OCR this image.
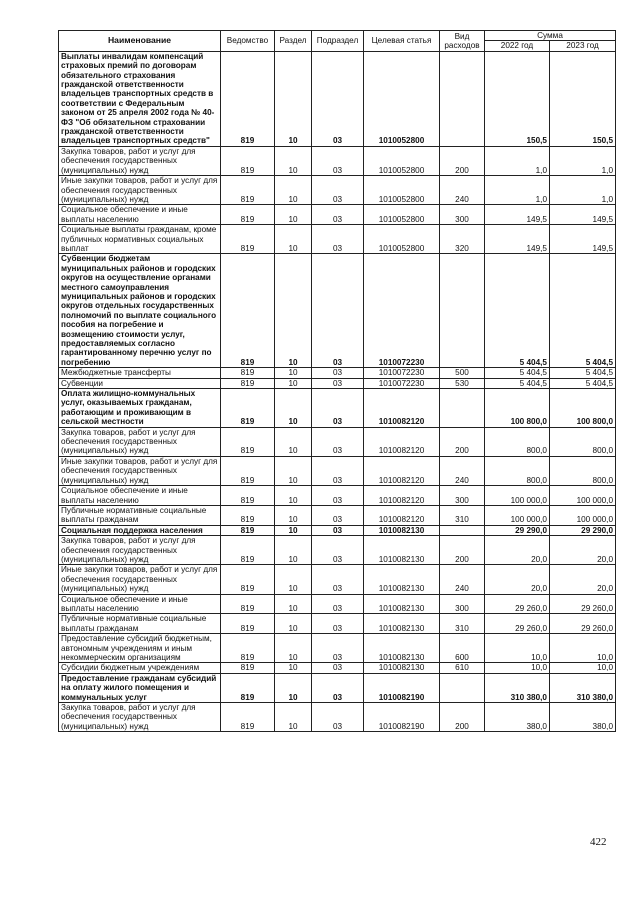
Наименование	Ведомство	Раздел	Подраздел	Целевая статья	Вид расходов	Сумма	
						2022 год	2023 год
Выплаты инвалидам компенсаций страховых премий по договорам обязательного страхования гражданской ответственности владельцев транспортных средств в соответствии с Федеральным законом от 25 апреля 2002 года № 40-ФЗ "Об обязательном страховании гражданской ответственности владельцев транспортных средств"	819	10	03	1010052800		150,5	150,5
Закупка товаров, работ и услуг для обеспечения государственных (муниципальных) нужд	819	10	03	1010052800	200	1,0	1,0
Иные закупки товаров, работ и услуг для обеспечения государственных (муниципальных) нужд	819	10	03	1010052800	240	1,0	1,0
Социальное обеспечение и иные выплаты населению	819	10	03	1010052800	300	149,5	149,5
Социальные выплаты гражданам, кроме публичных нормативных социальных выплат	819	10	03	1010052800	320	149,5	149,5
Субвенции бюджетам муниципальных районов и городских округов на осуществление органами местного самоуправления муниципальных районов и городских округов отдельных государственных полномочий по выплате социального пособия на погребение и возмещению стоимости услуг, предоставляемых согласно гарантированному перечню услуг по погребению	819	10	03	1010072230		5 404,5	5 404,5
Межбюджетные трансферты	819	10	03	1010072230	500	5 404,5	5 404,5
Субвенции	819	10	03	1010072230	530	5 404,5	5 404,5
Оплата жилищно-коммунальных услуг, оказываемых гражданам, работающим и проживающим в сельской местности	819	10	03	1010082120		100 800,0	100 800,0
Закупка товаров, работ и услуг для обеспечения государственных (муниципальных) нужд	819	10	03	1010082120	200	800,0	800,0
Иные закупки товаров, работ и услуг для обеспечения государственных (муниципальных) нужд	819	10	03	1010082120	240	800,0	800,0
Социальное обеспечение и иные выплаты населению	819	10	03	1010082120	300	100 000,0	100 000,0
Публичные нормативные социальные выплаты гражданам	819	10	03	1010082120	310	100 000,0	100 000,0
Социальная поддержка населения	819	10	03	1010082130		29 290,0	29 290,0
Закупка товаров, работ и услуг для обеспечения государственных (муниципальных) нужд	819	10	03	1010082130	200	20,0	20,0
Иные закупки товаров, работ и услуг для обеспечения государственных (муниципальных) нужд	819	10	03	1010082130	240	20,0	20,0
Социальное обеспечение и иные выплаты населению	819	10	03	1010082130	300	29 260,0	29 260,0
Публичные нормативные социальные выплаты гражданам	819	10	03	1010082130	310	29 260,0	29 260,0
Предоставление субсидий бюджетным, автономным учреждениям и иным некоммерческим организациям	819	10	03	1010082130	600	10,0	10,0
Субсидии бюджетным учреждениям	819	10	03	1010082130	610	10,0	10,0
Предоставление гражданам субсидий на оплату жилого помещения и коммунальных услуг	819	10	03	1010082190		310 380,0	310 380,0
Закупка товаров, работ и услуг для обеспечения государственных (муниципальных) нужд	819	10	03	1010082190	200	380,0	380,0
422
